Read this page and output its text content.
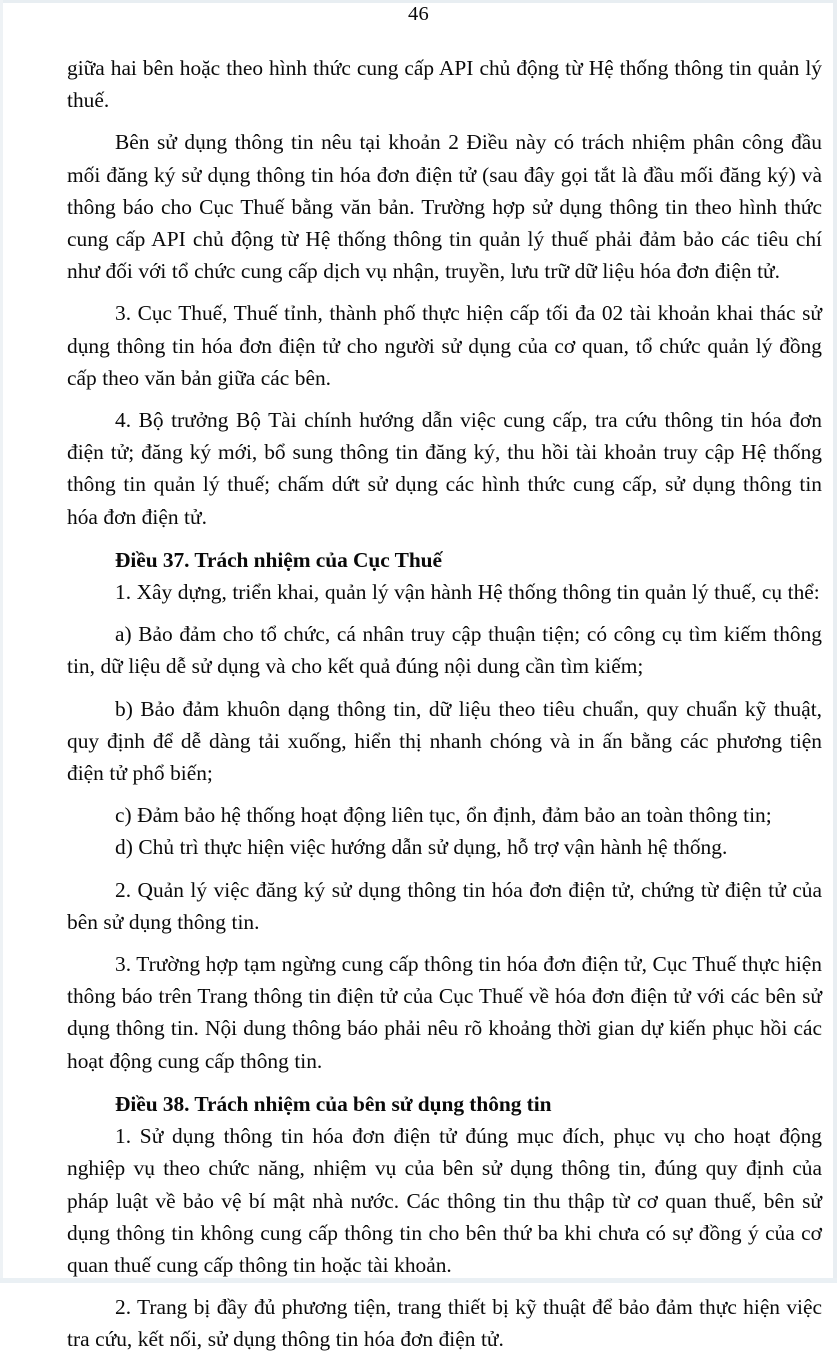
46

giữa hai bên hoặc theo hình thức cung cấp API chủ động từ Hệ thống thông tin quản lý thuế.

Bên sử dụng thông tin nêu tại khoản 2 Điều này có trách nhiệm phân công đầu mối đăng ký sử dụng thông tin hóa đơn điện tử (sau đây gọi tắt là đầu mối đăng ký) và thông báo cho Cục Thuế bằng văn bản. Trường hợp sử dụng thông tin theo hình thức cung cấp API chủ động từ Hệ thống thông tin quản lý thuế phải đảm bảo các tiêu chí như đối với tổ chức cung cấp dịch vụ nhận, truyền, lưu trữ dữ liệu hóa đơn điện tử.

3. Cục Thuế, Thuế tỉnh, thành phố thực hiện cấp tối đa 02 tài khoản khai thác sử dụng thông tin hóa đơn điện tử cho người sử dụng của cơ quan, tổ chức quản lý đồng cấp theo văn bản giữa các bên.

4. Bộ trưởng Bộ Tài chính hướng dẫn việc cung cấp, tra cứu thông tin hóa đơn điện tử; đăng ký mới, bổ sung thông tin đăng ký, thu hồi tài khoản truy cập Hệ thống thông tin quản lý thuế; chấm dứt sử dụng các hình thức cung cấp, sử dụng thông tin hóa đơn điện tử.

Điều 37. Trách nhiệm của Cục Thuế

1. Xây dựng, triển khai, quản lý vận hành Hệ thống thông tin quản lý thuế, cụ thể:

a) Bảo đảm cho tổ chức, cá nhân truy cập thuận tiện; có công cụ tìm kiếm thông tin, dữ liệu dễ sử dụng và cho kết quả đúng nội dung cần tìm kiếm;

b) Bảo đảm khuôn dạng thông tin, dữ liệu theo tiêu chuẩn, quy chuẩn kỹ thuật, quy định để dễ dàng tải xuống, hiển thị nhanh chóng và in ấn bằng các phương tiện điện tử phổ biến;

c) Đảm bảo hệ thống hoạt động liên tục, ổn định, đảm bảo an toàn thông tin;

d) Chủ trì thực hiện việc hướng dẫn sử dụng, hỗ trợ vận hành hệ thống.

2. Quản lý việc đăng ký sử dụng thông tin hóa đơn điện tử, chứng từ điện tử của bên sử dụng thông tin.

3. Trường hợp tạm ngừng cung cấp thông tin hóa đơn điện tử, Cục Thuế thực hiện thông báo trên Trang thông tin điện tử của Cục Thuế về hóa đơn điện tử với các bên sử dụng thông tin. Nội dung thông báo phải nêu rõ khoảng thời gian dự kiến phục hồi các hoạt động cung cấp thông tin.

Điều 38. Trách nhiệm của bên sử dụng thông tin

1. Sử dụng thông tin hóa đơn điện tử đúng mục đích, phục vụ cho hoạt động nghiệp vụ theo chức năng, nhiệm vụ của bên sử dụng thông tin, đúng quy định của pháp luật về bảo vệ bí mật nhà nước. Các thông tin thu thập từ cơ quan thuế, bên sử dụng thông tin không cung cấp thông tin cho bên thứ ba khi chưa có sự đồng ý của cơ quan thuế cung cấp thông tin hoặc tài khoản.

2. Trang bị đầy đủ phương tiện, trang thiết bị kỹ thuật để bảo đảm thực hiện việc tra cứu, kết nối, sử dụng thông tin hóa đơn điện tử.
